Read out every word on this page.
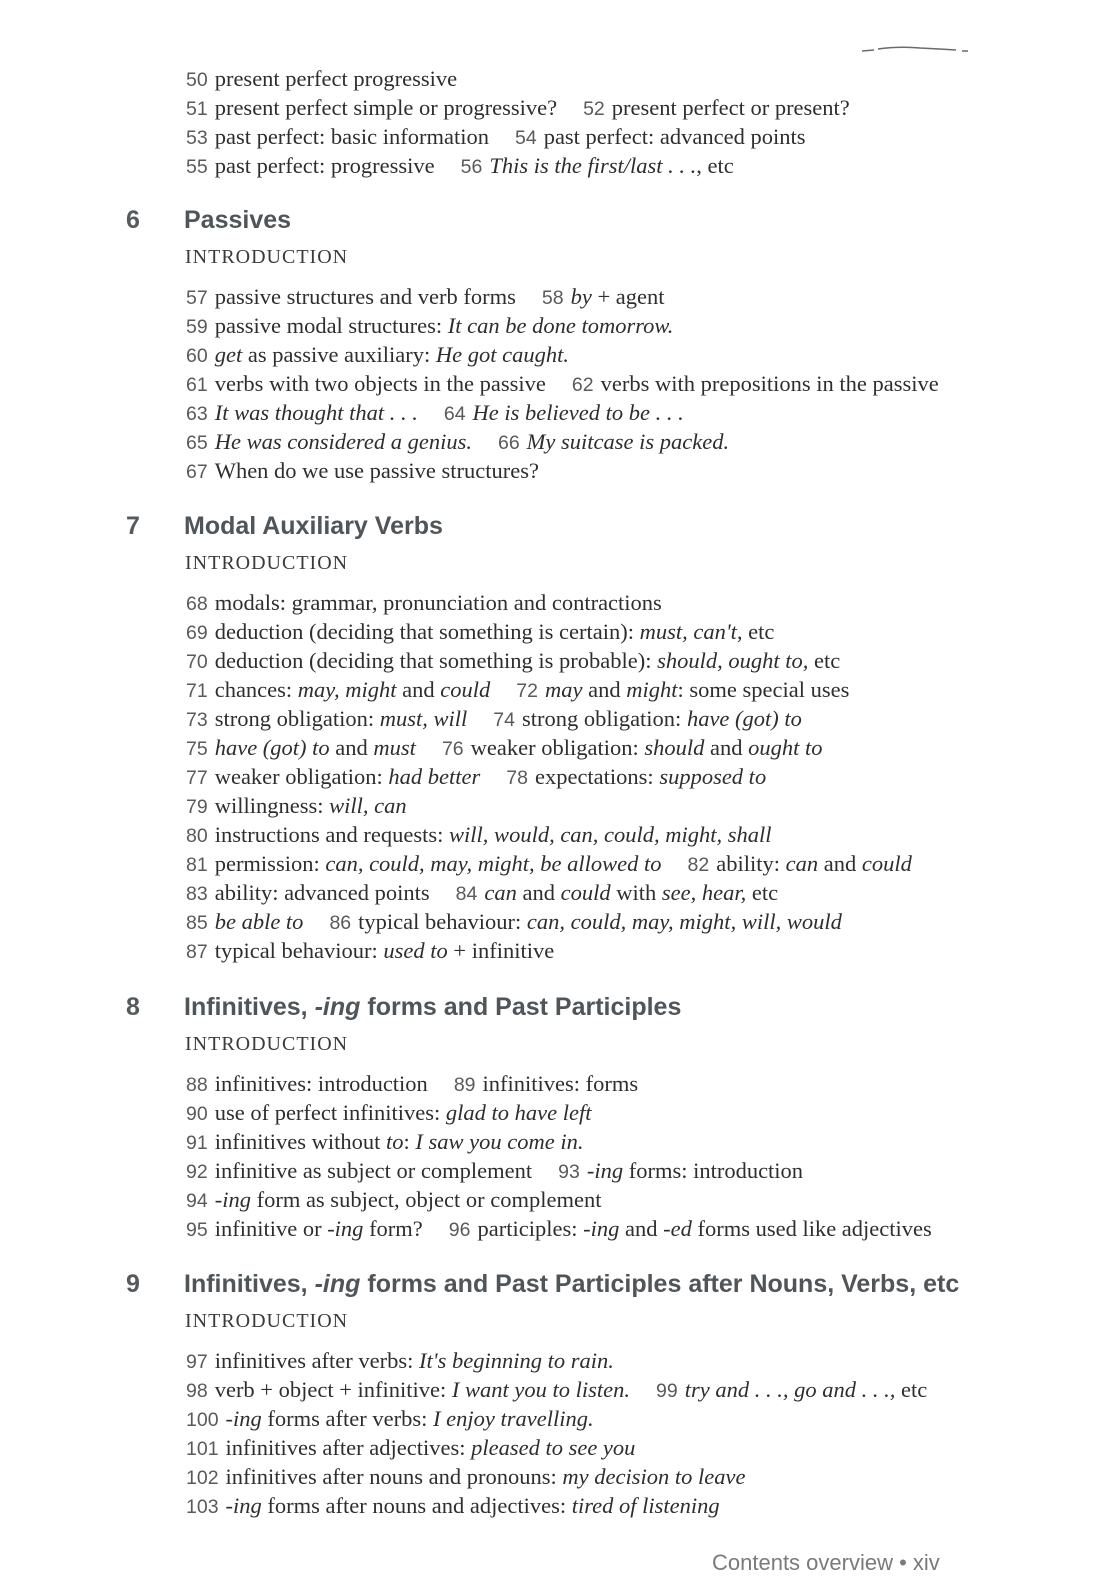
50 present perfect progressive
51 present perfect simple or progressive? 52 present perfect or present?
53 past perfect: basic information 54 past perfect: advanced points
55 past perfect: progressive 56 This is the first/last . . ., etc
6 Passives
INTRODUCTION
57 passive structures and verb forms 58 by + agent
59 passive modal structures: It can be done tomorrow.
60 get as passive auxiliary: He got caught.
61 verbs with two objects in the passive 62 verbs with prepositions in the passive
63 It was thought that . . . 64 He is believed to be . . .
65 He was considered a genius. 66 My suitcase is packed.
67 When do we use passive structures?
7 Modal Auxiliary Verbs
INTRODUCTION
68 modals: grammar, pronunciation and contractions
69 deduction (deciding that something is certain): must, can't, etc
70 deduction (deciding that something is probable): should, ought to, etc
71 chances: may, might and could 72 may and might: some special uses
73 strong obligation: must, will 74 strong obligation: have (got) to
75 have (got) to and must 76 weaker obligation: should and ought to
77 weaker obligation: had better 78 expectations: supposed to
79 willingness: will, can
80 instructions and requests: will, would, can, could, might, shall
81 permission: can, could, may, might, be allowed to 82 ability: can and could
83 ability: advanced points 84 can and could with see, hear, etc
85 be able to 86 typical behaviour: can, could, may, might, will, would
87 typical behaviour: used to + infinitive
8 Infinitives, -ing forms and Past Participles
INTRODUCTION
88 infinitives: introduction 89 infinitives: forms
90 use of perfect infinitives: glad to have left
91 infinitives without to: I saw you come in.
92 infinitive as subject or complement 93 -ing forms: introduction
94 -ing form as subject, object or complement
95 infinitive or -ing form? 96 participles: -ing and -ed forms used like adjectives
9 Infinitives, -ing forms and Past Participles after Nouns, Verbs, etc
INTRODUCTION
97 infinitives after verbs: It's beginning to rain.
98 verb + object + infinitive: I want you to listen. 99 try and . . ., go and . . ., etc
100 -ing forms after verbs: I enjoy travelling.
101 infinitives after adjectives: pleased to see you
102 infinitives after nouns and pronouns: my decision to leave
103 -ing forms after nouns and adjectives: tired of listening
Contents overview • xiv
